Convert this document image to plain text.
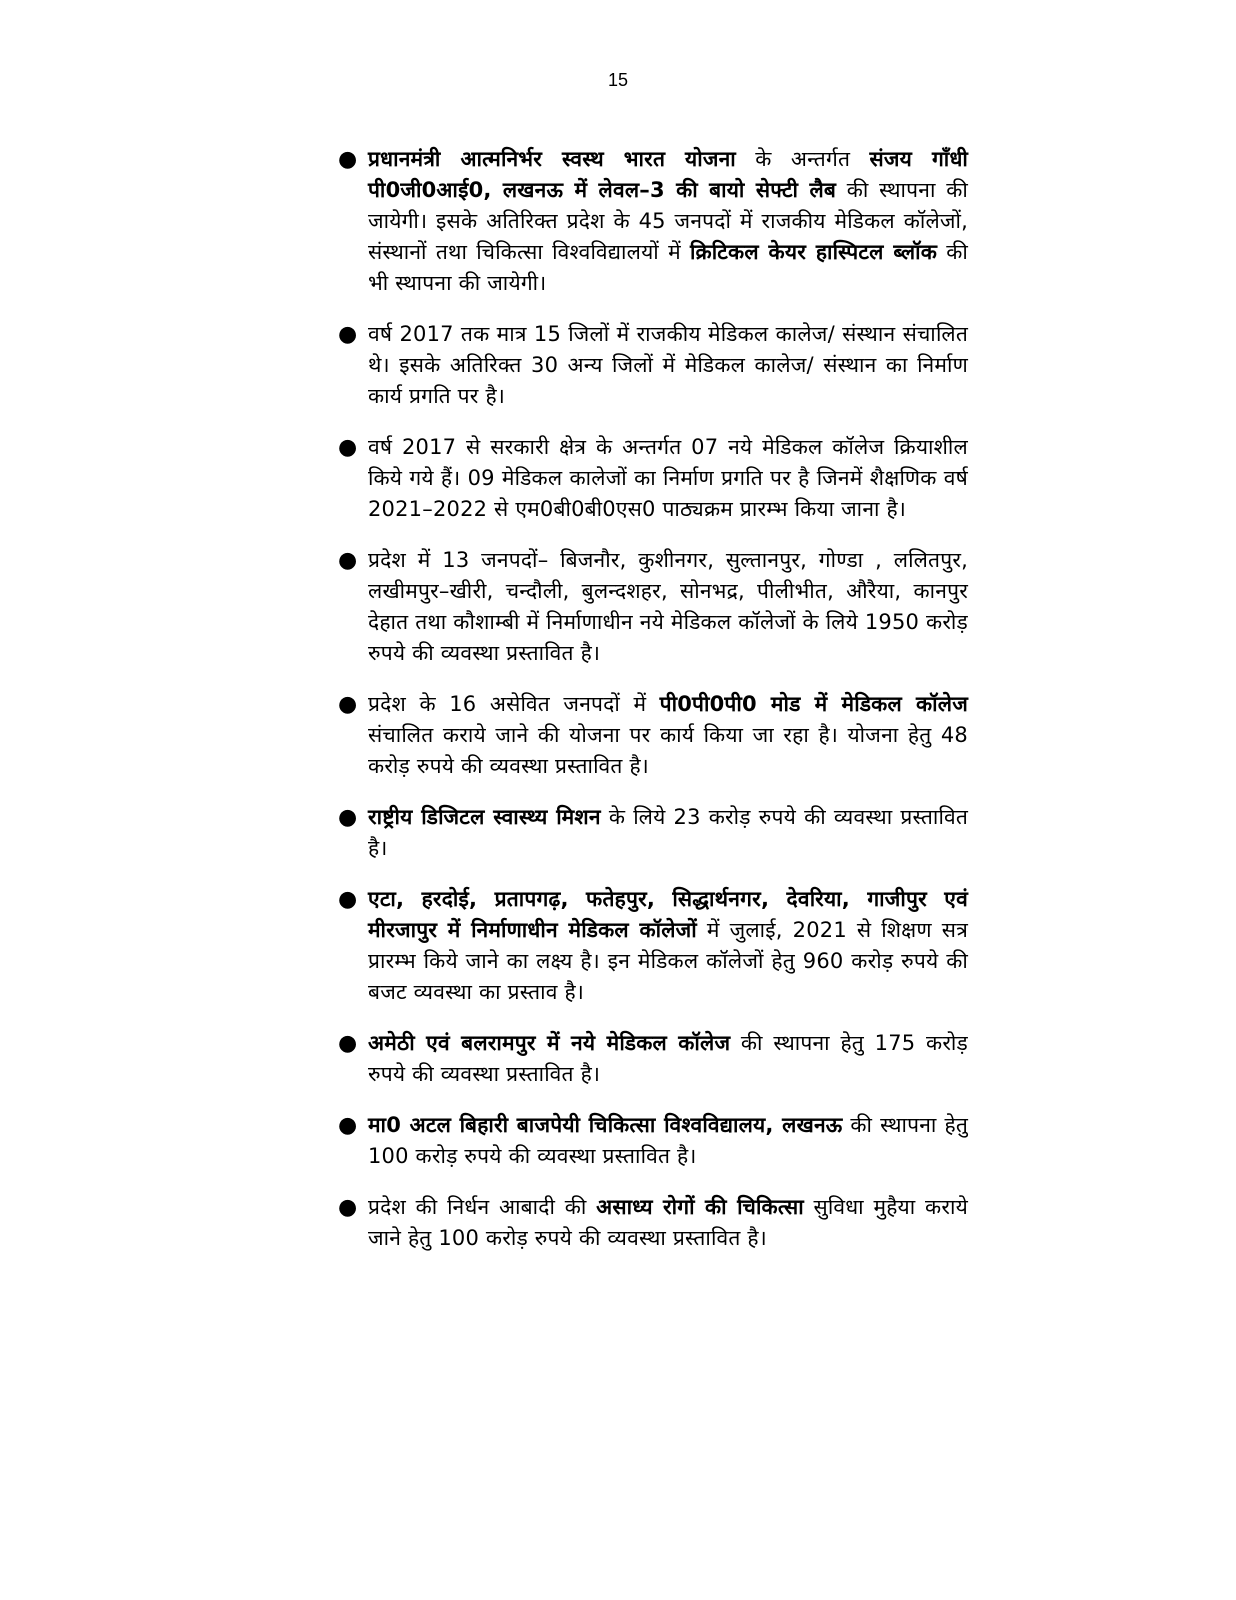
15
● प्रधानमंत्री आत्मनिर्भर स्वस्थ भारत योजना के अन्तर्गत संजय गाँधी पी0जी0आई0, लखनऊ में लेवल–3 की बायो सेफ्टी लैब की स्थापना की जायेगी। इसके अतिरिक्त प्रदेश के 45 जनपदों में राजकीय मेडिकल कॉलेजों, संस्थानों तथा चिकित्सा विश्वविद्यालयों में क्रिटिकल केयर हास्पिटल ब्लॉक की भी स्थापना की जायेगी।
● वर्ष 2017 तक मात्र 15 जिलों में राजकीय मेडिकल कालेज/ संस्थान संचालित थे। इसके अतिरिक्त 30 अन्य जिलों में मेडिकल कालेज/ संस्थान का निर्माण कार्य प्रगति पर है।
● वर्ष 2017 से सरकारी क्षेत्र के अन्तर्गत 07 नये मेडिकल कॉलेज क्रियाशील किये गये हैं। 09 मेडिकल कालेजों का निर्माण प्रगति पर है जिनमें शैक्षणिक वर्ष 2021–2022 से एम0बी0बी0एस0 पाठ्यक्रम प्रारम्भ किया जाना है।
● प्रदेश में 13 जनपदों– बिजनौर, कुशीनगर, सुल्तानपुर, गोण्डा , ललितपुर, लखीमपुर–खीरी, चन्दौली, बुलन्दशहर, सोनभद्र, पीलीभीत, औरैया, कानपुर देहात तथा कौशाम्बी में निर्माणाधीन नये मेडिकल कॉलेजों के लिये 1950 करोड़ रुपये की व्यवस्था प्रस्तावित है।
● प्रदेश के 16 असेवित जनपदों में पी0पी0पी0 मोड में मेडिकल कॉलेज संचालित कराये जाने की योजना पर कार्य किया जा रहा है। योजना हेतु 48 करोड़ रुपये की व्यवस्था प्रस्तावित है।
● राष्ट्रीय डिजिटल स्वास्थ्य मिशन के लिये 23 करोड़ रुपये की व्यवस्था प्रस्तावित है।
● एटा, हरदोई, प्रतापगढ़, फतेहपुर, सिद्धार्थनगर, देवरिया, गाजीपुर एवं मीरजापुर में निर्माणाधीन मेडिकल कॉलेजों में जुलाई, 2021 से शिक्षण सत्र प्रारम्भ किये जाने का लक्ष्य है। इन मेडिकल कॉलेजों हेतु 960 करोड़ रुपये की बजट व्यवस्था का प्रस्ताव है।
● अमेठी एवं बलरामपुर में नये मेडिकल कॉलेज की स्थापना हेतु 175 करोड़ रुपये की व्यवस्था प्रस्तावित है।
● मा0 अटल बिहारी बाजपेयी चिकित्सा विश्वविद्यालय, लखनऊ की स्थापना हेतु 100 करोड़ रुपये की व्यवस्था प्रस्तावित है।
● प्रदेश की निर्धन आबादी की असाध्य रोगों की चिकित्सा सुविधा मुहैया कराये जाने हेतु 100 करोड़ रुपये की व्यवस्था प्रस्तावित है।
